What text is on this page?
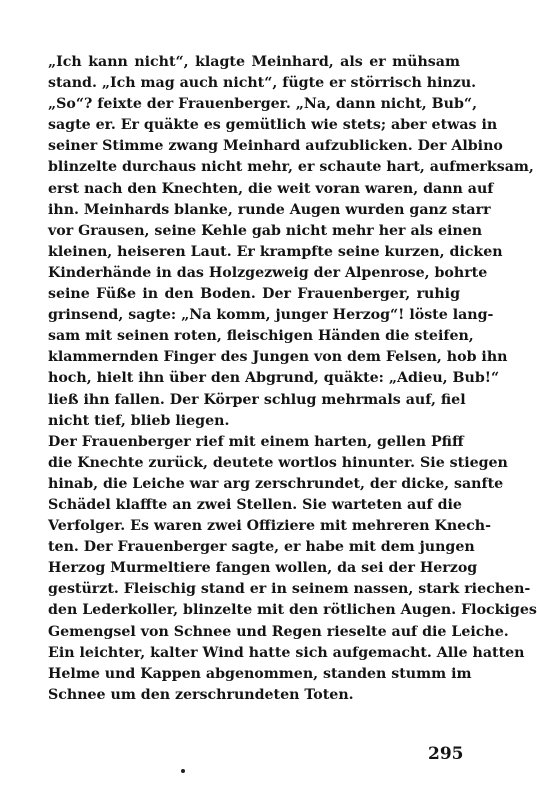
„Ich kann nicht“, klagte Meinhard, als er mühsam
stand. „Ich mag auch nicht“, fügte er störrisch hinzu.
„So“? feixte der Frauenberger. „Na, dann nicht, Bub“,
sagte er. Er quäkte es gemütlich wie stets; aber etwas in
seiner Stimme zwang Meinhard aufzublicken. Der Albino
blinzelte durchaus nicht mehr, er schaute hart, aufmerksam,
erst nach den Knechten, die weit voran waren, dann auf
ihn. Meinhards blanke, runde Augen wurden ganz starr
vor Grausen, seine Kehle gab nicht mehr her als einen
kleinen, heiseren Laut. Er krampfte seine kurzen, dicken
Kinderhände in das Holzgezweig der Alpenrose, bohrte
seine Füße in den Boden. Der Frauenberger, ruhig
grinsend, sagte: „Na komm, junger Herzog“! löste lang-
sam mit seinen roten, fleischigen Händen die steifen,
klammernden Finger des Jungen von dem Felsen, hob ihn
hoch, hielt ihn über den Abgrund, quäkte: „Adieu, Bub!“
ließ ihn fallen. Der Körper schlug mehrmals auf, fiel
nicht tief, blieb liegen.
Der Frauenberger rief mit einem harten, gellen Pfiff
die Knechte zurück, deutete wortlos hinunter. Sie stiegen
hinab, die Leiche war arg zerschrundet, der dicke, sanfte
Schädel klaffte an zwei Stellen. Sie warteten auf die
Verfolger. Es waren zwei Offiziere mit mehreren Knech-
ten. Der Frauenberger sagte, er habe mit dem jungen
Herzog Murmeltiere fangen wollen, da sei der Herzog
gestürzt. Fleischig stand er in seinem nassen, stark riechen-
den Lederkoller, blinzelte mit den rötlichen Augen. Flockiges
Gemengsel von Schnee und Regen rieselte auf die Leiche.
Ein leichter, kalter Wind hatte sich aufgemacht. Alle hatten
Helme und Kappen abgenommen, standen stumm im
Schnee um den zerschrundeten Toten.
295
